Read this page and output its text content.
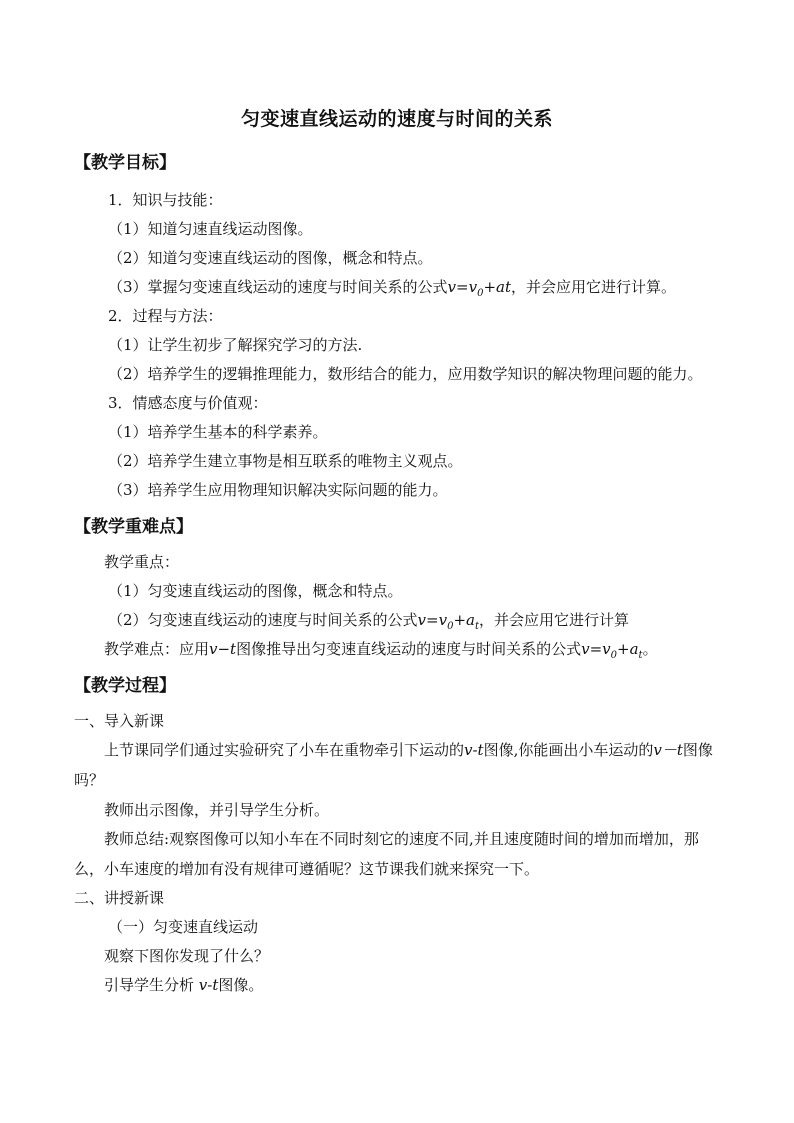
匀变速直线运动的速度与时间的关系
【教学目标】
1．知识与技能：
（1）知道匀速直线运动图像。
（2）知道匀变速直线运动的图像，概念和特点。
（3）掌握匀变速直线运动的速度与时间关系的公式$v=v_0+at$，并会应用它进行计算。
2．过程与方法：
（1）让学生初步了解探究学习的方法.
（2）培养学生的逻辑推理能力，数形结合的能力，应用数学知识的解决物理问题的能力。
3．情感态度与价值观：
（1）培养学生基本的科学素养。
（2）培养学生建立事物是相互联系的唯物主义观点。
（3）培养学生应用物理知识解决实际问题的能力。
【教学重难点】
教学重点：
（1）匀变速直线运动的图像，概念和特点。
（2）匀变速直线运动的速度与时间关系的公式$v=v_0+a_t$，并会应用它进行计算
教学难点：应用v−t图像推导出匀变速直线运动的速度与时间关系的公式$v=v_0+a_t$。
【教学过程】
一、导入新课
上节课同学们通过实验研究了小车在重物牵引下运动的v-t图像,你能画出小车运动的v－t图像吗？
教师出示图像，并引导学生分析。
教师总结:观察图像可以知小车在不同时刻它的速度不同,并且速度随时间的增加而增加，那么，小车速度的增加有没有规律可遵循呢？这节课我们就来探究一下。
二、讲授新课
（一）匀变速直线运动
观察下图你发现了什么？
引导学生分析 v-t图像。
